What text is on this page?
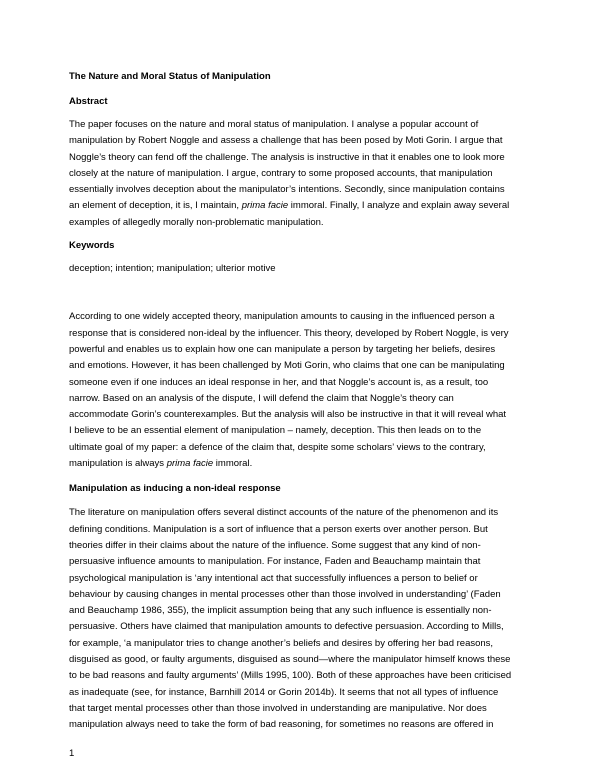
The Nature and Moral Status of Manipulation

Abstract

The paper focuses on the nature and moral status of manipulation. I analyse a popular account of
manipulation by Robert Noggle and assess a challenge that has been posed by Moti Gorin. I argue that
Noggle’s theory can fend off the challenge. The analysis is instructive in that it enables one to look more
closely at the nature of manipulation. I argue, contrary to some proposed accounts, that manipulation
essentially involves deception about the manipulator’s intentions. Secondly, since manipulation contains
an element of deception, it is, I maintain, prima facie immoral. Finally, I analyze and explain away several
examples of allegedly morally non-problematic manipulation.

Keywords

deception; intention; manipulation; ulterior motive

According to one widely accepted theory, manipulation amounts to causing in the influenced person a
response that is considered non-ideal by the influencer. This theory, developed by Robert Noggle, is very
powerful and enables us to explain how one can manipulate a person by targeting her beliefs, desires
and emotions. However, it has been challenged by Moti Gorin, who claims that one can be manipulating
someone even if one induces an ideal response in her, and that Noggle’s account is, as a result, too
narrow. Based on an analysis of the dispute, I will defend the claim that Noggle’s theory can
accommodate Gorin’s counterexamples. But the analysis will also be instructive in that it will reveal what
I believe to be an essential element of manipulation – namely, deception. This then leads on to the
ultimate goal of my paper: a defence of the claim that, despite some scholars’ views to the contrary,
manipulation is always prima facie immoral.

Manipulation as inducing a non-ideal response

The literature on manipulation offers several distinct accounts of the nature of the phenomenon and its
defining conditions. Manipulation is a sort of influence that a person exerts over another person. But
theories differ in their claims about the nature of the influence. Some suggest that any kind of non-
persuasive influence amounts to manipulation. For instance, Faden and Beauchamp maintain that
psychological manipulation is ‘any intentional act that successfully influences a person to belief or
behaviour by causing changes in mental processes other than those involved in understanding’ (Faden
and Beauchamp 1986, 355), the implicit assumption being that any such influence is essentially non-
persuasive. Others have claimed that manipulation amounts to defective persuasion. According to Mills,
for example, ‘a manipulator tries to change another’s beliefs and desires by offering her bad reasons,
disguised as good, or faulty arguments, disguised as sound—where the manipulator himself knows these
to be bad reasons and faulty arguments’ (Mills 1995, 100). Both of these approaches have been criticised
as inadequate (see, for instance, Barnhill 2014 or Gorin 2014b). It seems that not all types of influence
that target mental processes other than those involved in understanding are manipulative. Nor does
manipulation always need to take the form of bad reasoning, for sometimes no reasons are offered in

1
